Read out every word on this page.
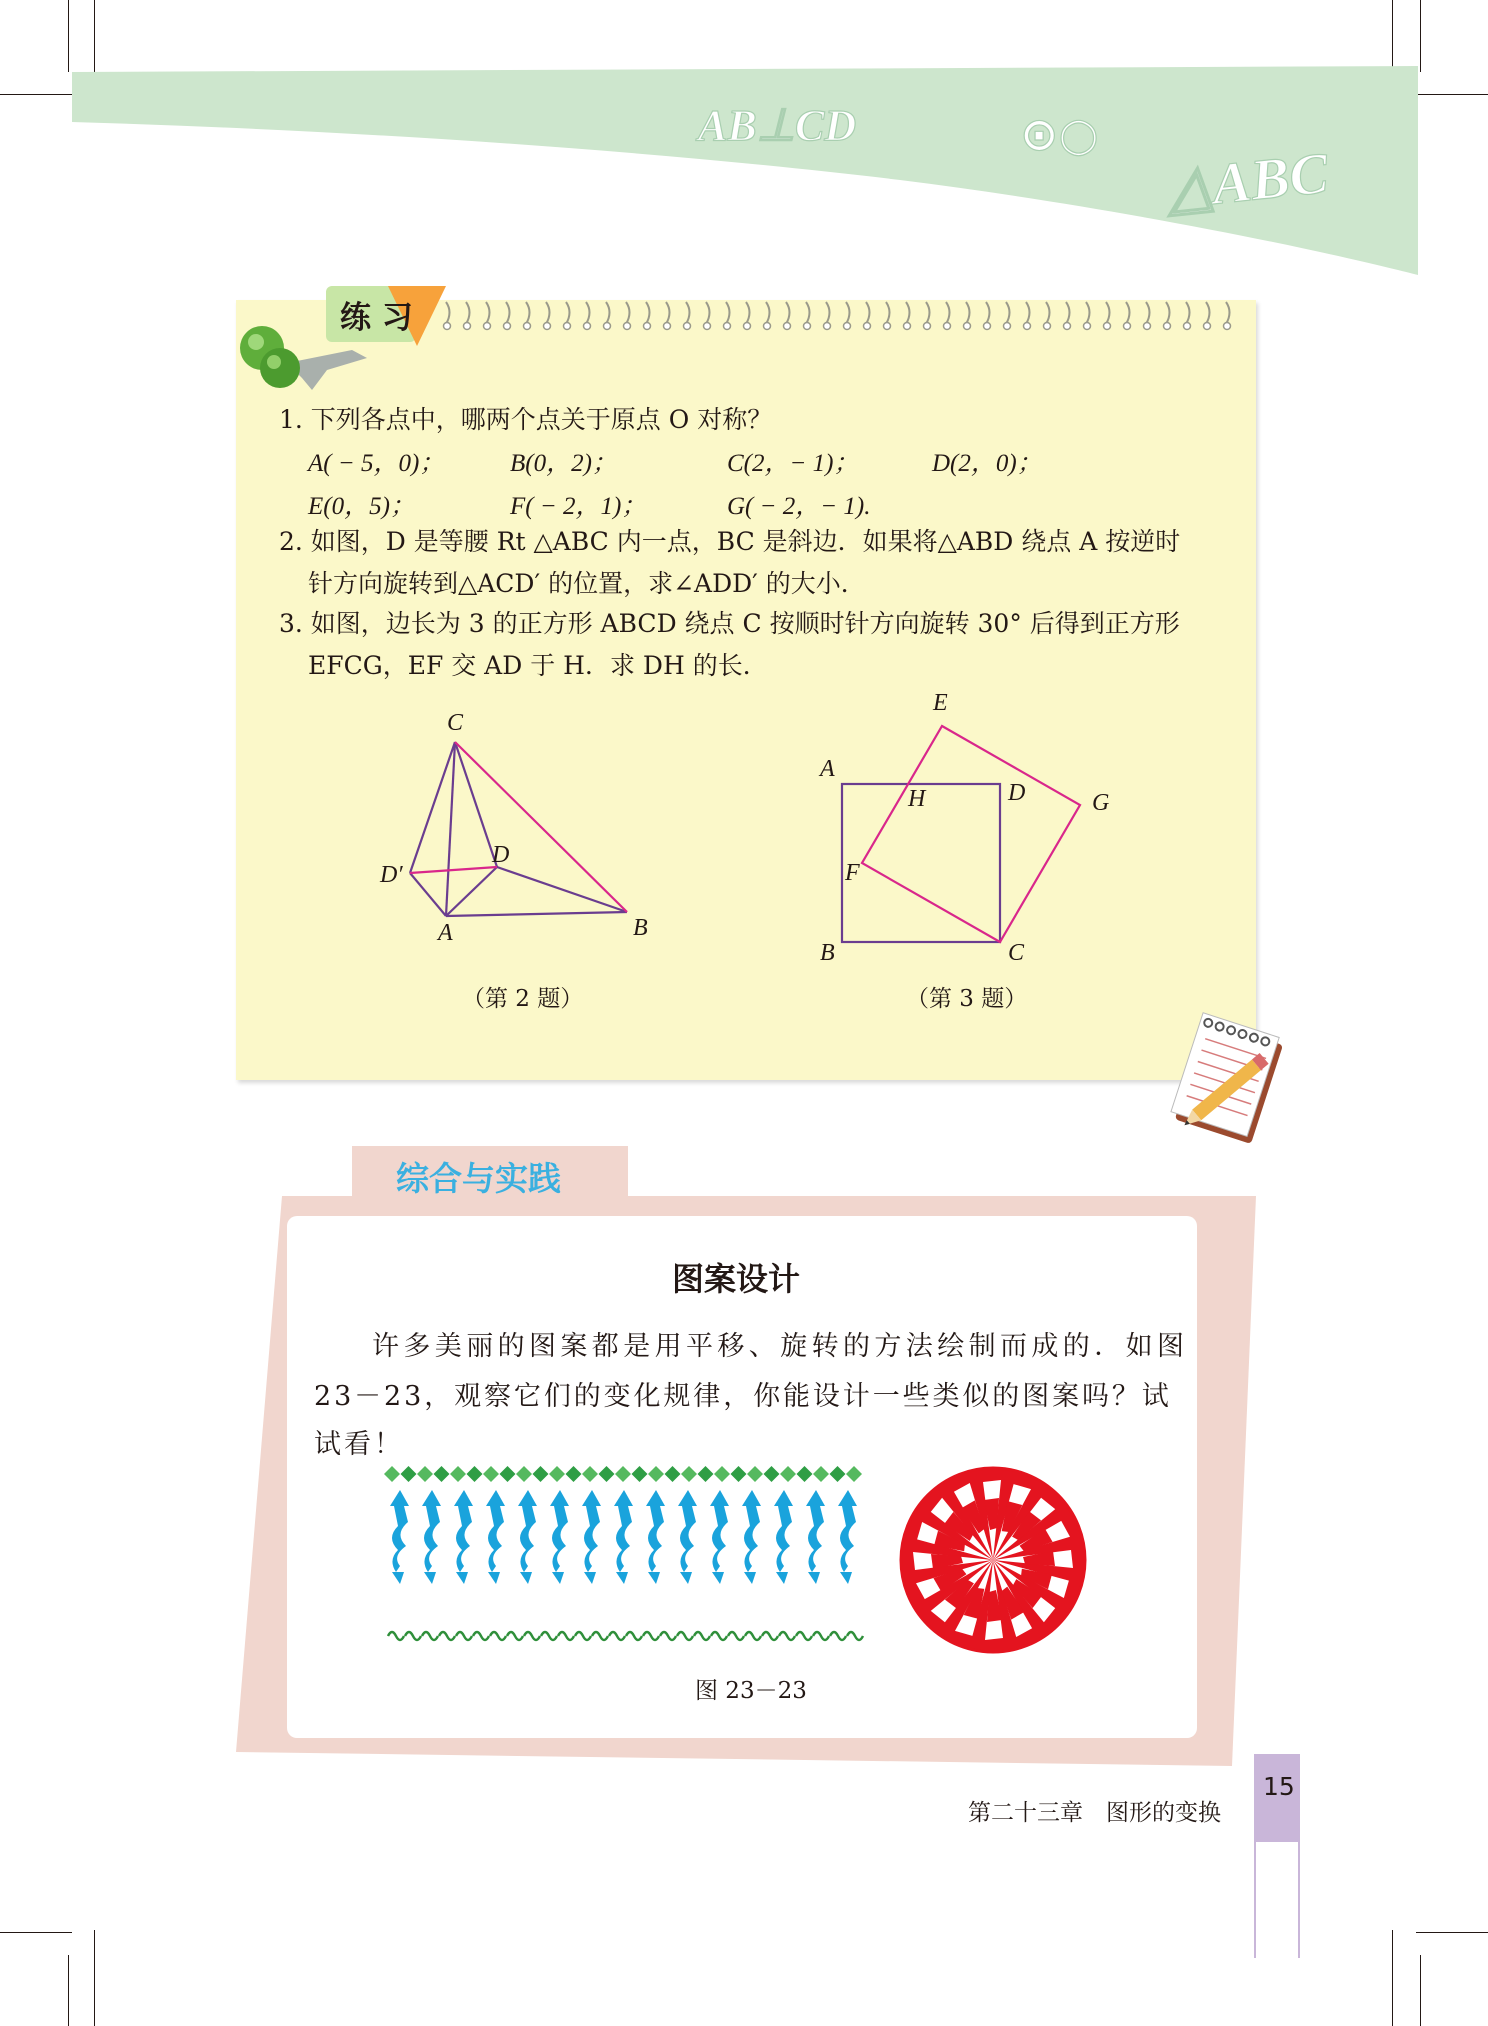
AB⊥CD	⊙○
△ABC
练 习
1. 下列各点中，哪两个点关于原点 O 对称？
A( − 5，0)；	B(0，2)；	C(2，− 1)；	D(2，0)；
E(0，5)；	F( − 2，1)；	G( − 2，− 1).
2. 如图，D 是等腰 Rt △ABC 内一点，BC 是斜边．如果将△ABD 绕点 A 按逆时
针方向旋转到△ACD′ 的位置，求∠ADD′ 的大小．
3. 如图，边长为 3 的正方形 ABCD 绕点 C 按顺时针方向旋转 30° 后得到正方形
EFCG，EF 交 AD 于 H．求 DH 的长．
C
D
D′
A	B
（第 2 题）
E
A
H	D	G
F
B	C
（第 3 题）
综合与实践
图案设计
许多美丽的图案都是用平移、旋转的方法绘制而成的．如图
23－23，观察它们的变化规律，你能设计一些类似的图案吗？试
试看！
图 23－23
第二十三章　图形的变换
15
